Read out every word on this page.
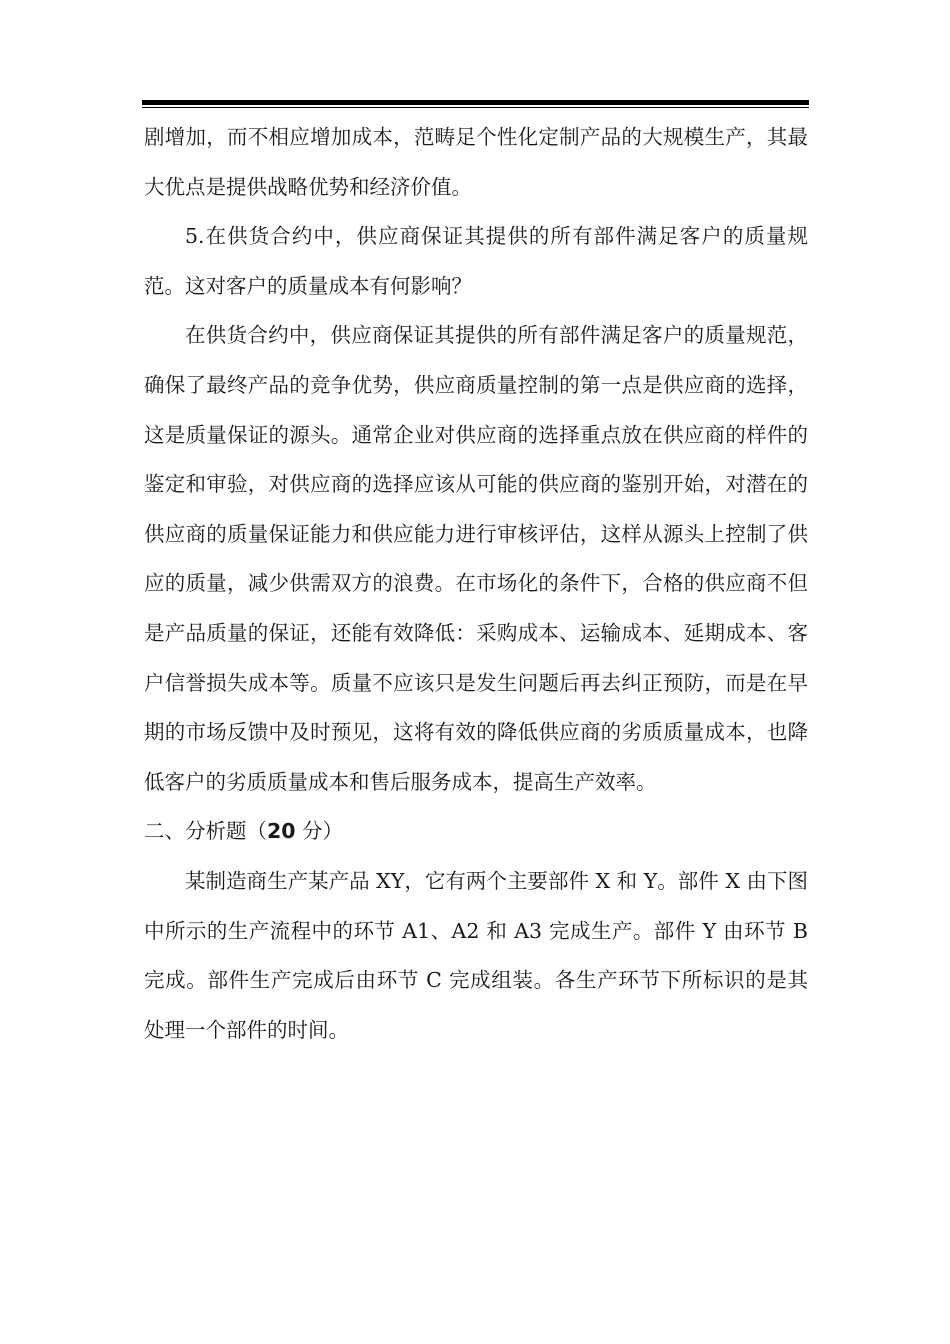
剧增加，而不相应增加成本，范畴足个性化定制产品的大规模生产，其最大优点是提供战略优势和经济价值。

5.在供货合约中，供应商保证其提供的所有部件满足客户的质量规范。这对客户的质量成本有何影响？

在供货合约中，供应商保证其提供的所有部件满足客户的质量规范，确保了最终产品的竞争优势，供应商质量控制的第一点是供应商的选择，这是质量保证的源头。通常企业对供应商的选择重点放在供应商的样件的鉴定和审验，对供应商的选择应该从可能的供应商的鉴别开始，对潜在的供应商的质量保证能力和供应能力进行审核评估，这样从源头上控制了供应的质量，减少供需双方的浪费。在市场化的条件下，合格的供应商不但是产品质量的保证，还能有效降低：采购成本、运输成本、延期成本、客户信誉损失成本等。质量不应该只是发生问题后再去纠正预防，而是在早期的市场反馈中及时预见，这将有效的降低供应商的劣质质量成本，也降低客户的劣质质量成本和售后服务成本，提高生产效率。

二、分析题（20 分）

某制造商生产某产品 XY，它有两个主要部件 X 和 Y。部件 X 由下图中所示的生产流程中的环节 A1、A2 和 A3 完成生产。部件 Y 由环节 B 完成。部件生产完成后由环节 C 完成组装。各生产环节下所标识的是其处理一个部件的时间。
